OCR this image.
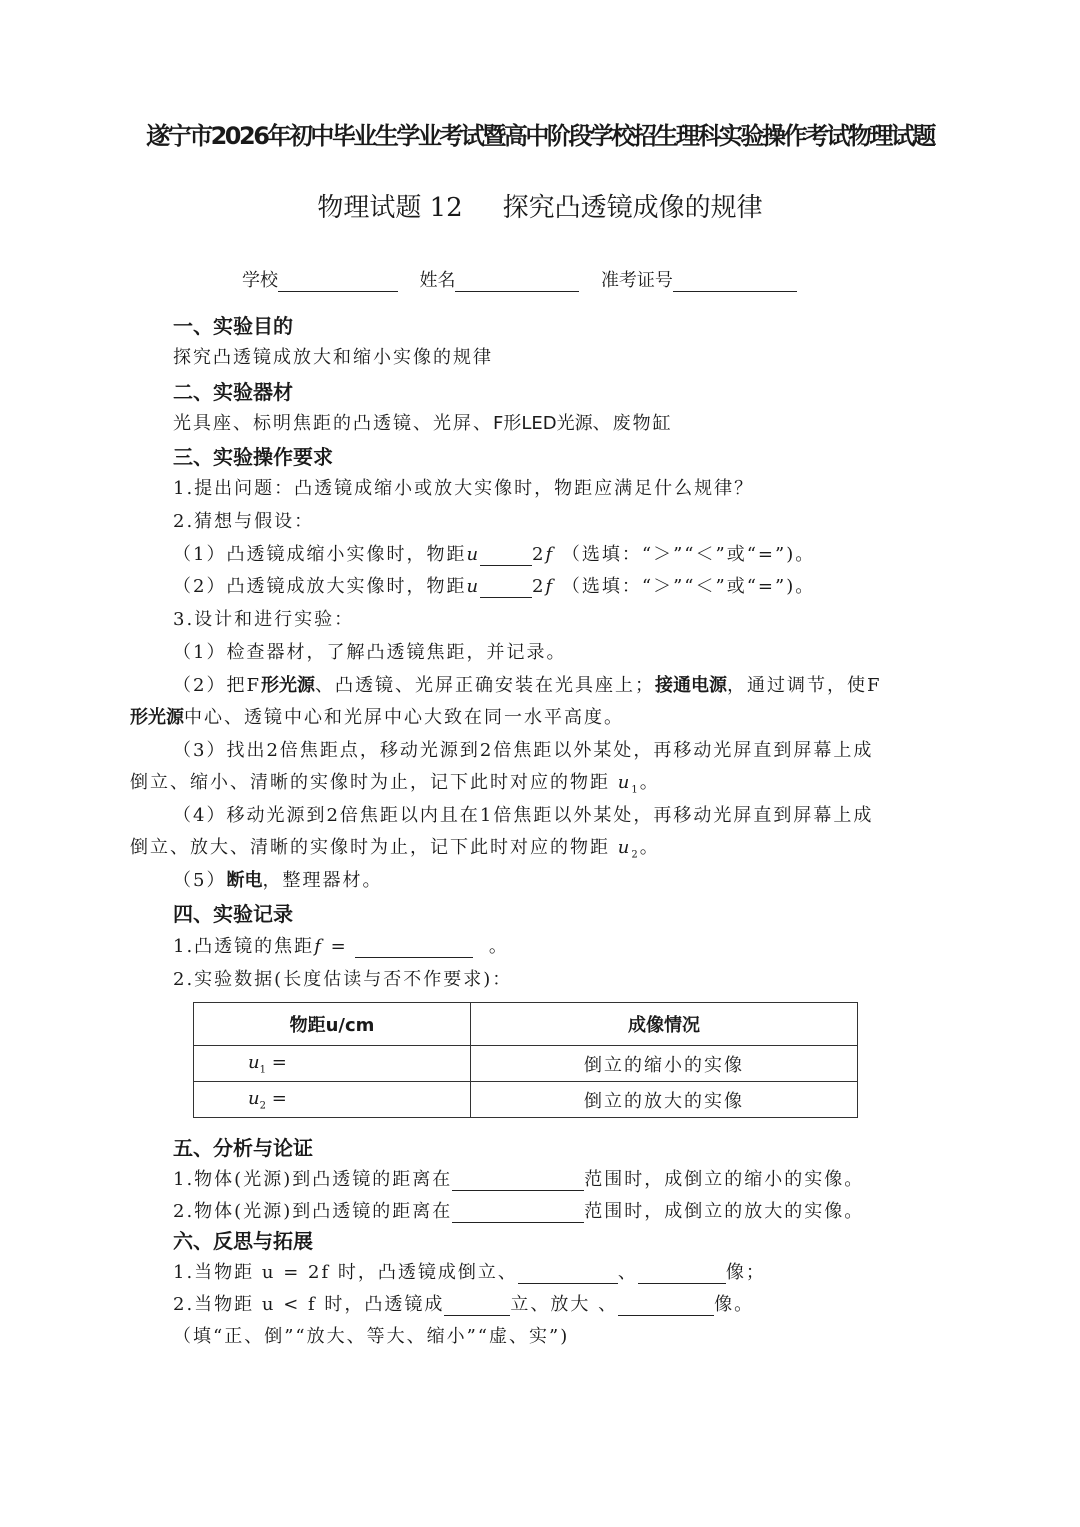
遂宁市2026年初中毕业生学业考试暨高中阶段学校招生理科实验操作考试物理试题
物理试题 12 探究凸透镜成像的规律
学校	姓名	准考证号
一、实验目的
探究凸透镜成放大和缩小实像的规律
二、实验器材
光具座、标明焦距的凸透镜、光屏、F形LED光源、废物缸
三、实验操作要求
1.提出问题：凸透镜成缩小或放大实像时，物距应满足什么规律？
2.猜想与假设：
（1）凸透镜成缩小实像时，物距u	2f （选填：“＞”“＜”或“=”)。
（2）凸透镜成放大实像时，物距u	2f （选填：“＞”“＜”或“=”)。
3.设计和进行实验：
（1）检查器材，了解凸透镜焦距，并记录。
（2）把F形光源、凸透镜、光屏正确安装在光具座上；接通电源，通过调节，使F
形光源中心、透镜中心和光屏中心大致在同一水平高度。
（3）找出2倍焦距点，移动光源到2倍焦距以外某处，再移动光屏直到屏幕上成
倒立、缩小、清晰的实像时为止，记下此时对应的物距 $u_1$。
（4）移动光源到2倍焦距以内且在1倍焦距以外某处，再移动光屏直到屏幕上成
倒立、放大、清晰的实像时为止，记下此时对应的物距 $u_2$。
（5）断电，整理器材。
四、实验记录
1.凸透镜的焦距f =	。
2.实验数据(长度估读与否不作要求)：
物距u/cm	成像情况
$u_1$ =	倒立的缩小的实像
$u_2$ =	倒立的放大的实像
五、分析与论证
1.物体(光源)到凸透镜的距离在	范围时，成倒立的缩小的实像。
2.物体(光源)到凸透镜的距离在	范围时，成倒立的放大的实像。
六、反思与拓展
1.当物距 u = 2f 时，凸透镜成倒立、	、	像；
2.当物距 u < f 时，凸透镜成	立、放大 、	像。
（填“正、倒”“放大、等大、缩小”“虚、实”)
